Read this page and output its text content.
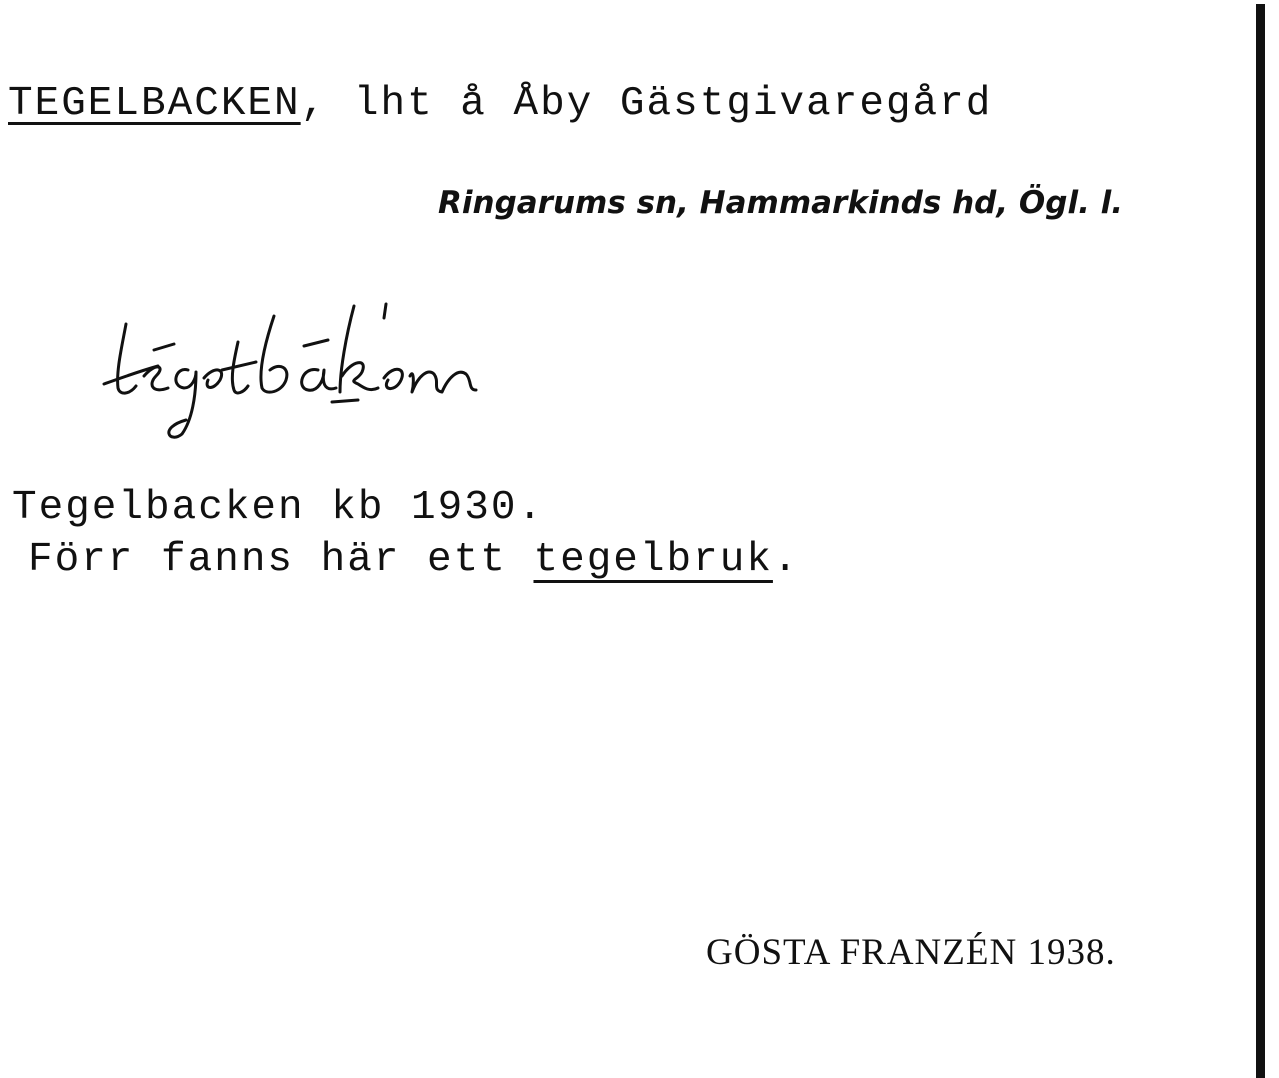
TEGELBACKEN, lht å Åby Gästgivaregård
Ringarums sn, Hammarkinds hd, Ögl. l.
Tegelbacken kb 1930.
Förr fanns här ett tegelbruk.
GÖSTA FRANZÉN 1938.
